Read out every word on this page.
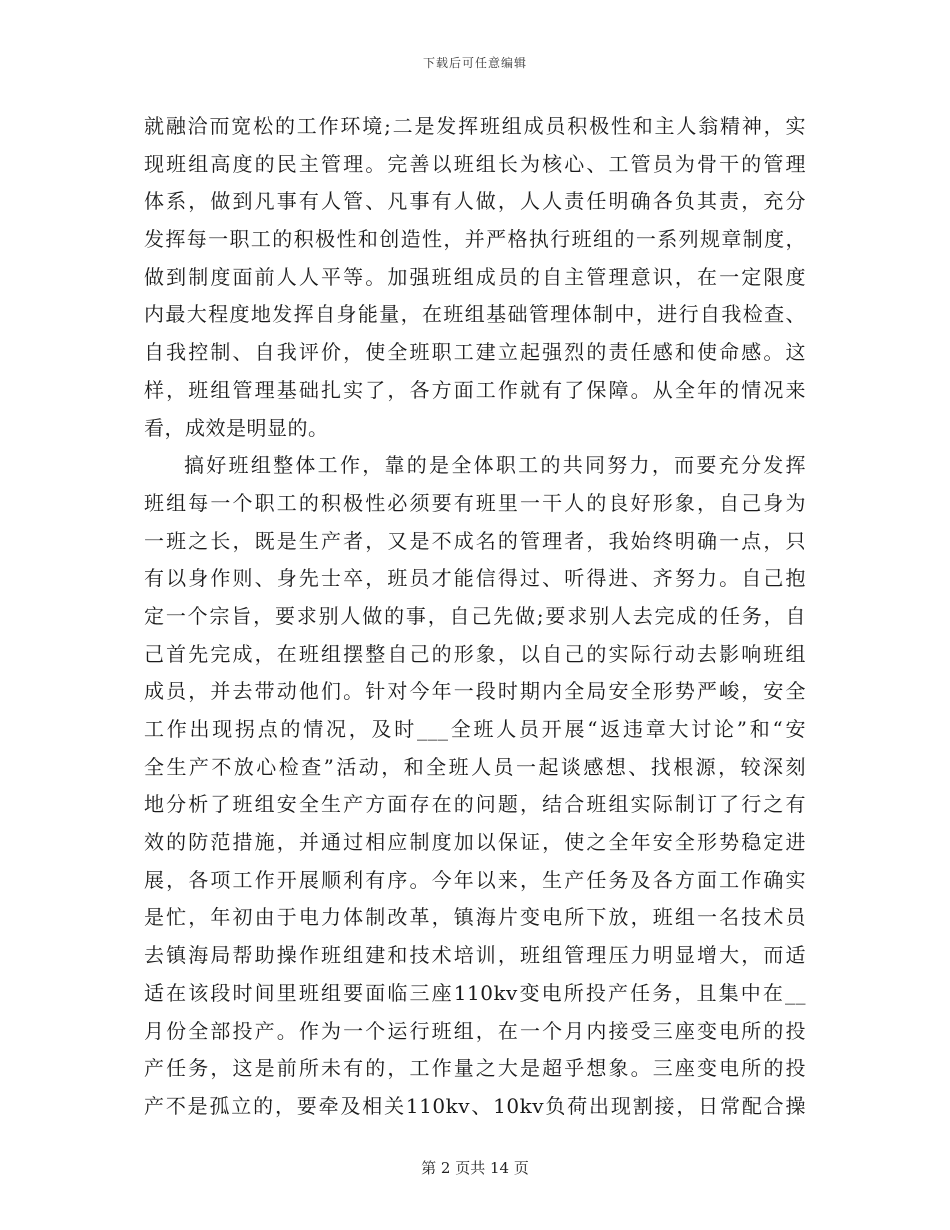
下载后可任意编辑
就融洽而宽松的工作环境;二是发挥班组成员积极性和主人翁精神，实
现班组高度的民主管理。完善以班组长为核心、工管员为骨干的管理
体系，做到凡事有人管、凡事有人做，人人责任明确各负其责，充分
发挥每一职工的积极性和创造性，并严格执行班组的一系列规章制度，
做到制度面前人人平等。加强班组成员的自主管理意识，在一定限度
内最大程度地发挥自身能量，在班组基础管理体制中，进行自我检查、
自我控制、自我评价，使全班职工建立起强烈的责任感和使命感。这
样，班组管理基础扎实了，各方面工作就有了保障。从全年的情况来
看，成效是明显的。
搞好班组整体工作，靠的是全体职工的共同努力，而要充分发挥
班组每一个职工的积极性必须要有班里一干人的良好形象，自己身为
一班之长，既是生产者，又是不成名的管理者，我始终明确一点，只
有以身作则、身先士卒，班员才能信得过、听得进、齐努力。自己抱
定一个宗旨，要求别人做的事，自己先做;要求别人去完成的任务，自
己首先完成，在班组摆整自己的形象，以自己的实际行动去影响班组
成员，并去带动他们。针对今年一段时期内全局安全形势严峻，安全
工作出现拐点的情况，及时___全班人员开展“返违章大讨论”和“安
全生产不放心检查”活动，和全班人员一起谈感想、找根源，较深刻
地分析了班组安全生产方面存在的问题，结合班组实际制订了行之有
效的防范措施，并通过相应制度加以保证，使之全年安全形势稳定进
展，各项工作开展顺利有序。今年以来，生产任务及各方面工作确实
是忙，年初由于电力体制改革，镇海片变电所下放，班组一名技术员
去镇海局帮助操作班组建和技术培训，班组管理压力明显增大，而适
适在该段时间里班组要面临三座110kv变电所投产任务，且集中在__
月份全部投产。作为一个运行班组，在一个月内接受三座变电所的投
产任务，这是前所未有的，工作量之大是超乎想象。三座变电所的投
产不是孤立的，要牵及相关110kv、10kv负荷出现割接，日常配合操
第 2 页共 14 页
